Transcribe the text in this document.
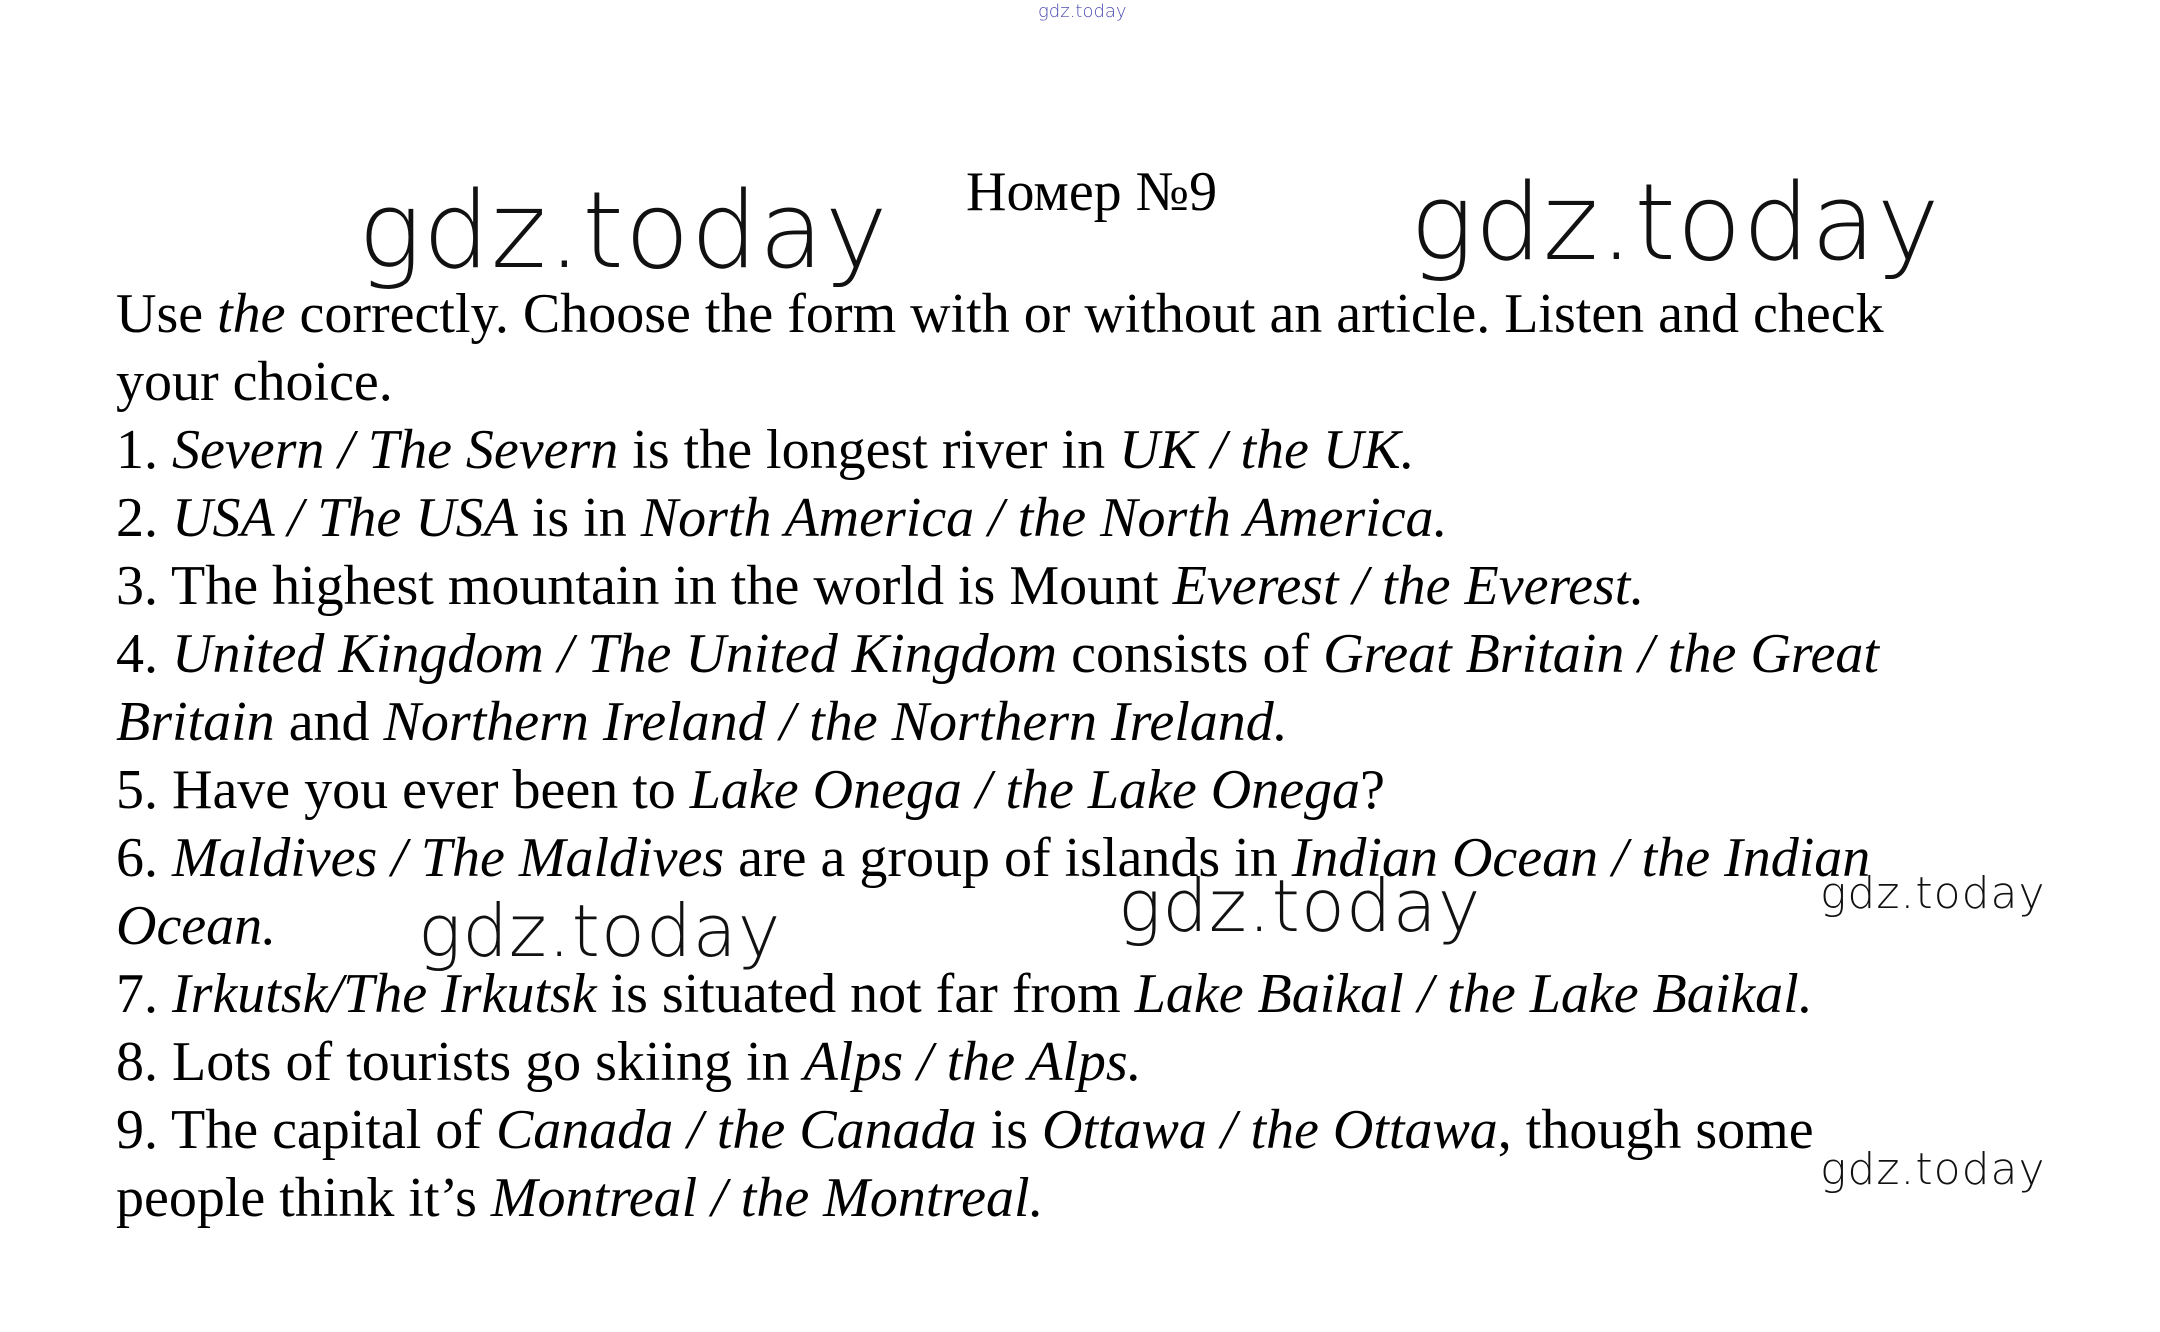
gdz.today
gdz.today	gdz.today
gdz.today	gdz.today	gdz.today
gdz.today
Номер №9
Use the correctly. Choose the form with or without an article. Listen and check
your choice.
1. Severn / The Severn is the longest river in UK / the UK.
2. USA / The USA is in North America / the North America.
3. The highest mountain in the world is Mount Everest / the Everest.
4. United Kingdom / The United Kingdom consists of Great Britain / the Great
Britain and Northern Ireland / the Northern Ireland.
5. Have you ever been to Lake Onega / the Lake Onega?
6. Maldives / The Maldives are a group of islands in Indian Ocean / the Indian
Ocean.
7. Irkutsk/The Irkutsk is situated not far from Lake Baikal / the Lake Baikal.
8. Lots of tourists go skiing in Alps / the Alps.
9. The capital of Canada / the Canada is Ottawa / the Ottawa, though some
people think it’s Montreal / the Montreal.
